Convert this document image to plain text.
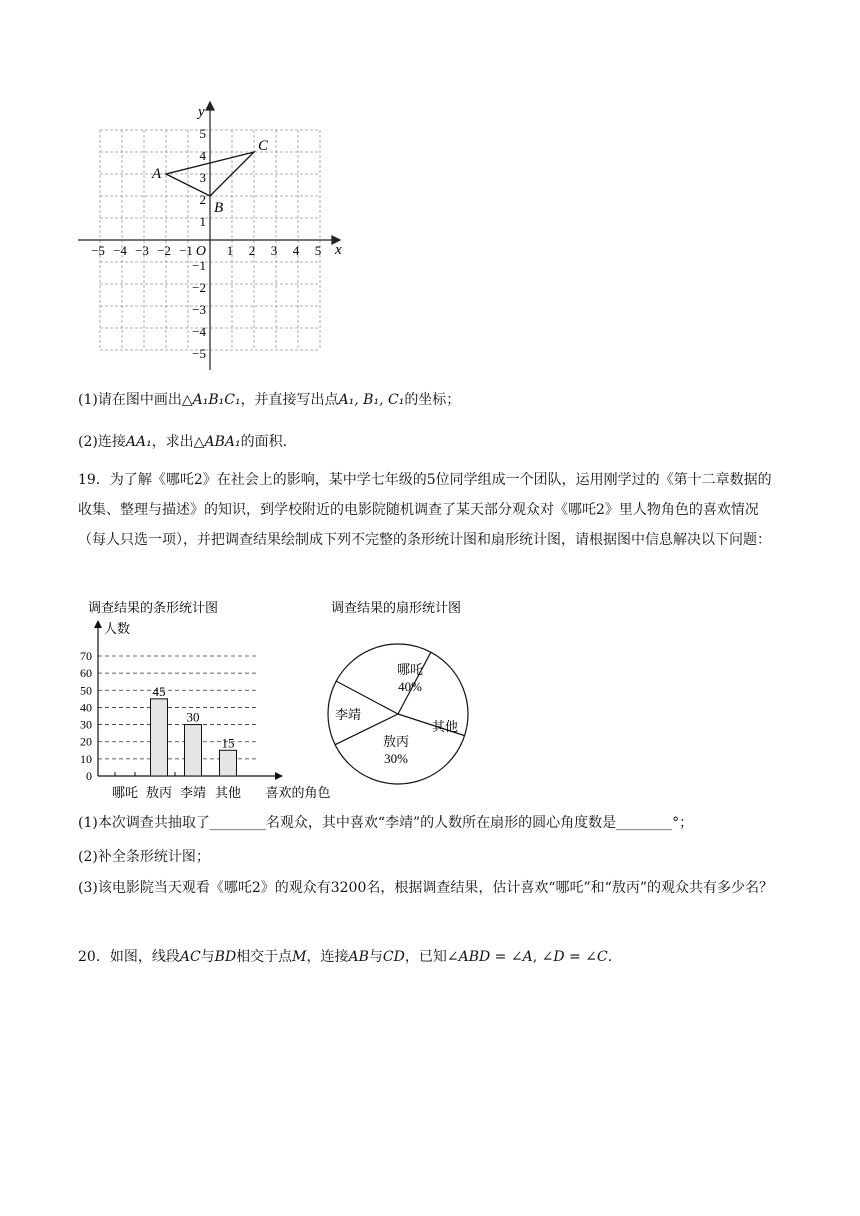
−5 −4 −3 −2 −1	1 2 3 4 5
5
4
3
2
1
−1
−2
−3
−4
−5
O	x
y
A
B
C
(1)请在图中画出△A₁B₁C₁，并直接写出点A₁, B₁, C₁的坐标；
(2)连接AA₁，求出△ABA₁的面积.
19．为了解《哪吒2》在社会上的影响，某中学七年级的5位同学组成一个团队，运用刚学过的《第十二章数据的收集、整理与描述》的知识，到学校附近的电影院随机调查了某天部分观众对《哪吒2》里人物角色的喜欢情况（每人只选一项），并把调查结果绘制成下列不完整的条形统计图和扇形统计图，请根据图中信息解决以下问题：
调查结果的条形统计图
人数
喜欢的角色
0
10
20
30
40
50
60
70
45
30
15
哪吒 敖丙 李靖 其他
调查结果的扇形统计图
哪吒
40%
其他
敖丙
30%
李靖
(1)本次调查共抽取了________名观众，其中喜欢“李靖”的人数所在扇形的圆心角度数是________°；
(2)补全条形统计图；
(3)该电影院当天观看《哪吒2》的观众有3200名，根据调查结果，估计喜欢“哪吒”和“敖丙”的观众共有多少名？
20．如图，线段AC与BD相交于点M，连接AB与CD，已知∠ABD = ∠A, ∠D = ∠C.
